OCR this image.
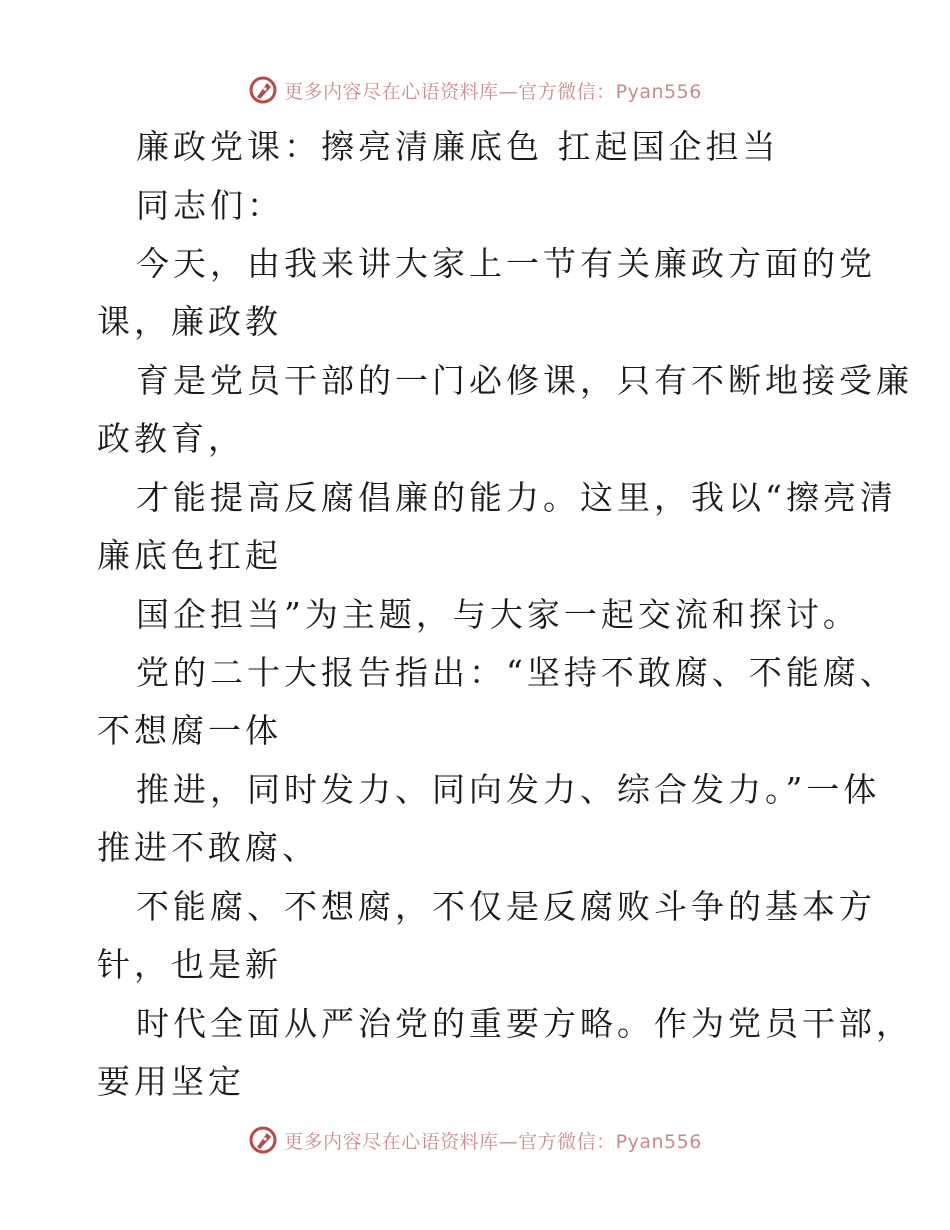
更多内容尽在心语资料库—官方微信：Pyan556
廉政党课：擦亮清廉底色 扛起国企担当
同志们：
今天，由我来讲大家上一节有关廉政方面的党
课，廉政教
育是党员干部的一门必修课，只有不断地接受廉
政教育，
才能提高反腐倡廉的能力。这里，我以“擦亮清
廉底色扛起
国企担当”为主题，与大家一起交流和探讨。
党的二十大报告指出：“坚持不敢腐、不能腐、
不想腐一体
推进，同时发力、同向发力、综合发力。”一体
推进不敢腐、
不能腐、不想腐，不仅是反腐败斗争的基本方
针，也是新
时代全面从严治党的重要方略。作为党员干部，
要用坚定
更多内容尽在心语资料库—官方微信：Pyan556
